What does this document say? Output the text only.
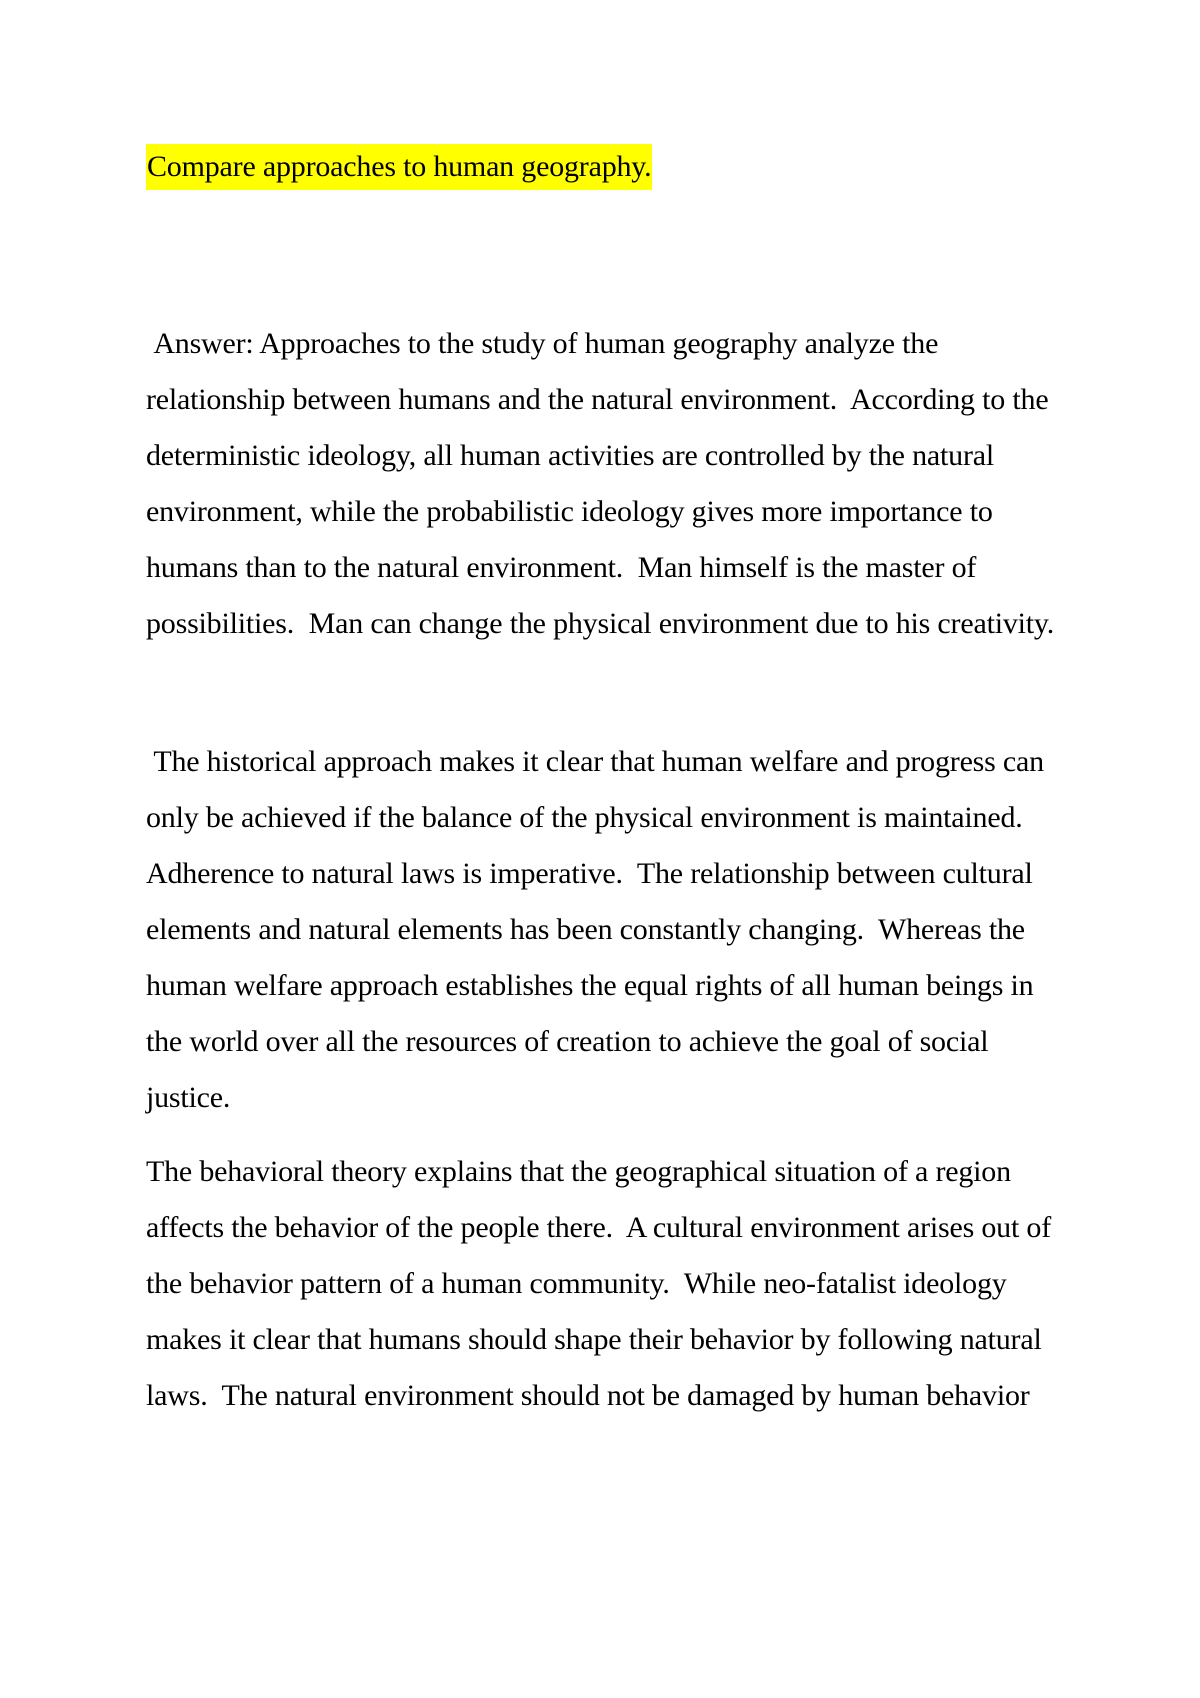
Compare approaches to human geography.

Answer: Approaches to the study of human geography analyze the relationship between humans and the natural environment.  According to the deterministic ideology, all human activities are controlled by the natural environment, while the probabilistic ideology gives more importance to humans than to the natural environment.  Man himself is the master of possibilities.  Man can change the physical environment due to his creativity.

The historical approach makes it clear that human welfare and progress can only be achieved if the balance of the physical environment is maintained.  Adherence to natural laws is imperative.  The relationship between cultural elements and natural elements has been constantly changing.  Whereas the human welfare approach establishes the equal rights of all human beings in the world over all the resources of creation to achieve the goal of social justice.

The behavioral theory explains that the geographical situation of a region affects the behavior of the people there.  A cultural environment arises out of the behavior pattern of a human community.  While neo-fatalist ideology makes it clear that humans should shape their behavior by following natural laws.  The natural environment should not be damaged by human behavior
